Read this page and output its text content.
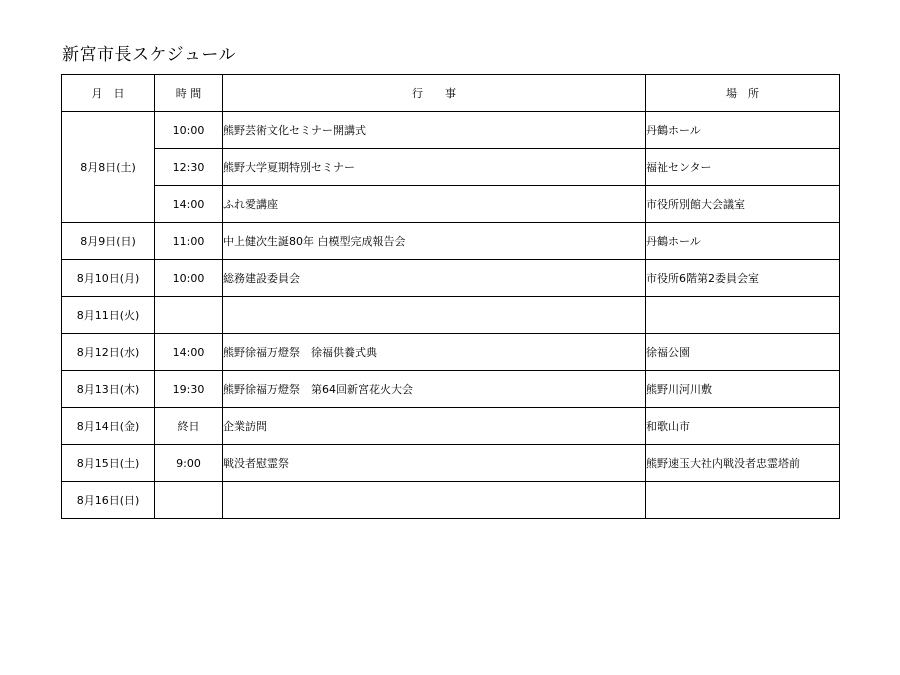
新宮市長スケジュール
月　日	時 間	行　　事	場　所
8月8日(土)	10:00	熊野芸術文化セミナー開講式	丹鶴ホール
	12:30	熊野大学夏期特別セミナー	福祉センター
	14:00	ふれ愛講座	市役所別館大会議室
8月9日(日)	11:00	中上健次生誕80年 白模型完成報告会	丹鶴ホール
8月10日(月)	10:00	総務建設委員会	市役所6階第2委員会室
8月11日(火)			
8月12日(水)	14:00	熊野徐福万燈祭　徐福供養式典	徐福公園
8月13日(木)	19:30	熊野徐福万燈祭　第64回新宮花火大会	熊野川河川敷
8月14日(金)	終日	企業訪問	和歌山市
8月15日(土)	9:00	戦没者慰霊祭	熊野速玉大社内戦没者忠霊塔前
8月16日(日)			
